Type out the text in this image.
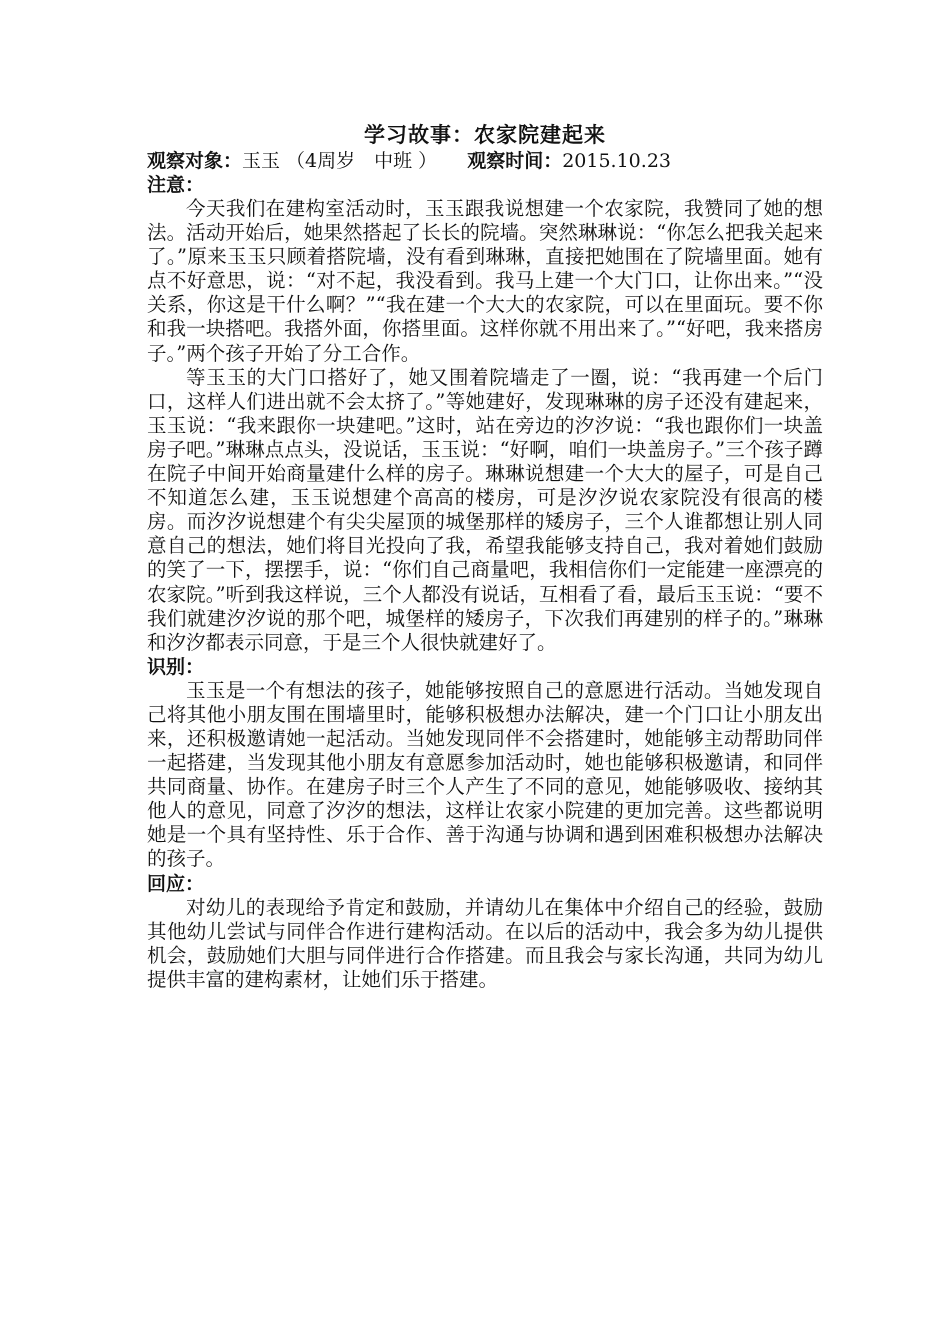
学习故事：农家院建起来
观察对象：玉玉 （4周岁　中班 ） 观察时间：2015.10.23
注意：

今天我们在建构室活动时，玉玉跟我说想建一个农家院，我赞同了她的想法。活动开始后，她果然搭起了长长的院墙。突然琳琳说：“你怎么把我关起来了。”原来玉玉只顾着搭院墙，没有看到琳琳，直接把她围在了院墙里面。她有点不好意思，说：“对不起，我没看到。我马上建一个大门口，让你出来。”“没关系，你这是干什么啊？”“我在建一个大大的农家院，可以在里面玩。要不你和我一块搭吧。我搭外面，你搭里面。这样你就不用出来了。”“好吧，我来搭房子。”两个孩子开始了分工合作。

等玉玉的大门口搭好了，她又围着院墙走了一圈，说：“我再建一个后门口，这样人们进出就不会太挤了。”等她建好，发现琳琳的房子还没有建起来，玉玉说：“我来跟你一块建吧。”这时，站在旁边的汐汐说：“我也跟你们一块盖房子吧。”琳琳点点头，没说话，玉玉说：“好啊，咱们一块盖房子。”三个孩子蹲在院子中间开始商量建什么样的房子。琳琳说想建一个大大的屋子，可是自己不知道怎么建，玉玉说想建个高高的楼房，可是汐汐说农家院没有很高的楼房。而汐汐说想建个有尖尖屋顶的城堡那样的矮房子，三个人谁都想让别人同意自己的想法，她们将目光投向了我，希望我能够支持自己，我对着她们鼓励的笑了一下，摆摆手，说：“你们自己商量吧，我相信你们一定能建一座漂亮的农家院。”听到我这样说，三个人都没有说话，互相看了看，最后玉玉说：“要不我们就建汐汐说的那个吧，城堡样的矮房子，下次我们再建别的样子的。”琳琳和汐汐都表示同意，于是三个人很快就建好了。

识别：

玉玉是一个有想法的孩子，她能够按照自己的意愿进行活动。当她发现自己将其他小朋友围在围墙里时，能够积极想办法解决，建一个门口让小朋友出来，还积极邀请她一起活动。当她发现同伴不会搭建时，她能够主动帮助同伴一起搭建，当发现其他小朋友有意愿参加活动时，她也能够积极邀请，和同伴共同商量、协作。在建房子时三个人产生了不同的意见，她能够吸收、接纳其他人的意见，同意了汐汐的想法，这样让农家小院建的更加完善。这些都说明她是一个具有坚持性、乐于合作、善于沟通与协调和遇到困难积极想办法解决的孩子。

回应：

对幼儿的表现给予肯定和鼓励，并请幼儿在集体中介绍自己的经验，鼓励其他幼儿尝试与同伴合作进行建构活动。在以后的活动中，我会多为幼儿提供机会，鼓励她们大胆与同伴进行合作搭建。而且我会与家长沟通，共同为幼儿提供丰富的建构素材，让她们乐于搭建。
